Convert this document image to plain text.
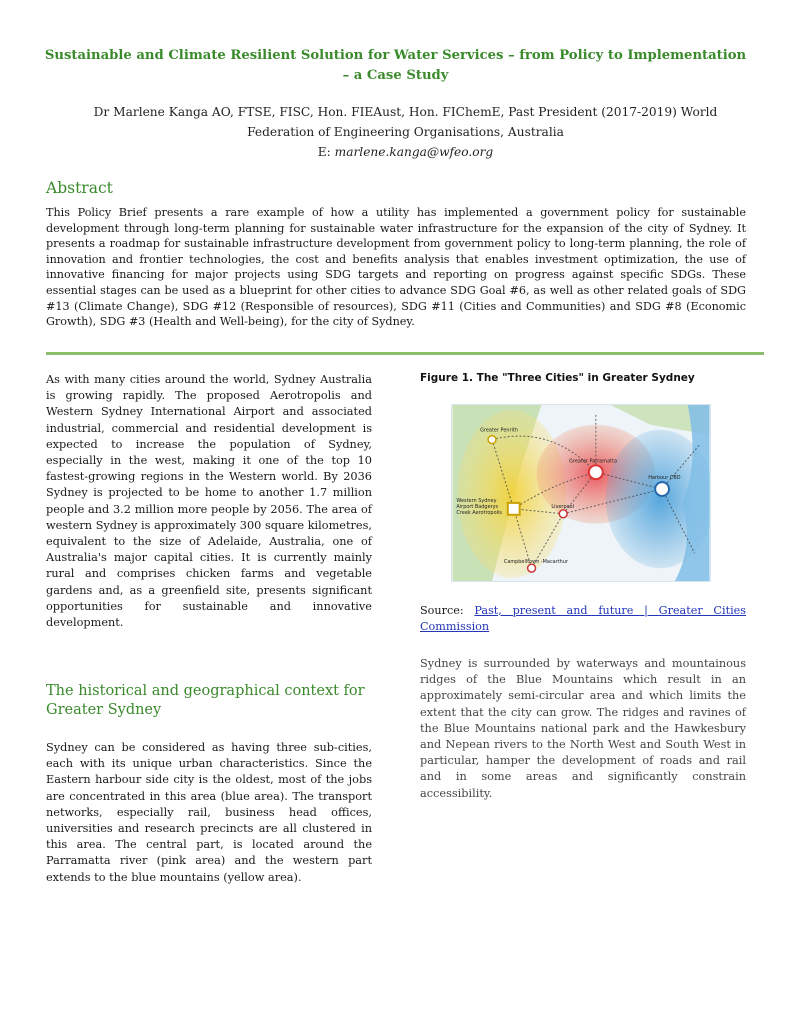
Sustainable and Climate Resilient Solution for Water Services – from Policy to Implementation – a Case Study
Dr Marlene Kanga AO, FTSE, FISC, Hon. FIEAust, Hon. FIChemE, Past President (2017-2019) World Federation of Engineering Organisations, Australia
E: marlene.kanga@wfeo.org
Abstract
This Policy Brief presents a rare example of how a utility has implemented a government policy for sustainable development through long-term planning for sustainable water infrastructure for the expansion of the city of Sydney. It presents a roadmap for sustainable infrastructure development from government policy to long-term planning, the role of innovation and frontier technologies, the cost and benefits analysis that enables investment optimization, the use of innovative financing for major projects using SDG targets and reporting on progress against specific SDGs. These essential stages can be used as a blueprint for other cities to advance SDG Goal #6, as well as other related goals of SDG #13 (Climate Change), SDG #12 (Responsible of resources), SDG #11 (Cities and Communities) and SDG #8 (Economic Growth), SDG #3 (Health and Well-being), for the city of Sydney.
As with many cities around the world, Sydney Australia is growing rapidly. The proposed Aerotropolis and Western Sydney International Airport and associated industrial, commercial and residential development is expected to increase the population of Sydney, especially in the west, making it one of the top 10 fastest-growing regions in the Western world. By 2036 Sydney is projected to be home to another 1.7 million people and 3.2 million more people by 2056. The area of western Sydney is approximately 300 square kilometres, equivalent to the size of Adelaide, Australia, one of Australia's major capital cities. It is currently mainly rural and comprises chicken farms and vegetable gardens and, as a greenfield site, presents significant opportunities for sustainable and innovative development.
The historical and geographical context for Greater Sydney
Sydney can be considered as having three sub-cities, each with its unique urban characteristics. Since the Eastern harbour side city is the oldest, most of the jobs are concentrated in this area (blue area). The transport networks, especially rail, business head offices, universities and research precincts are all clustered in this area. The central part, is located around the Parramatta river (pink area) and the western part extends to the blue mountains (yellow area).
Figure 1. The "Three Cities" in Greater Sydney
Greater Penrith
Greater Parramatta
Harbour CBD
Western Sydney Airport Badgerys Creek Aerotropolis
Liverpool
Campbelltown -Macarthur
Source: Past, present and future | Greater Cities Commission
Sydney is surrounded by waterways and mountainous ridges of the Blue Mountains which result in an approximately semi-circular area and which limits the extent that the city can grow. The ridges and ravines of the Blue Mountains national park and the Hawkesbury and Nepean rivers to the North West and South West in particular, hamper the development of roads and rail and in some areas and significantly constrain accessibility.
